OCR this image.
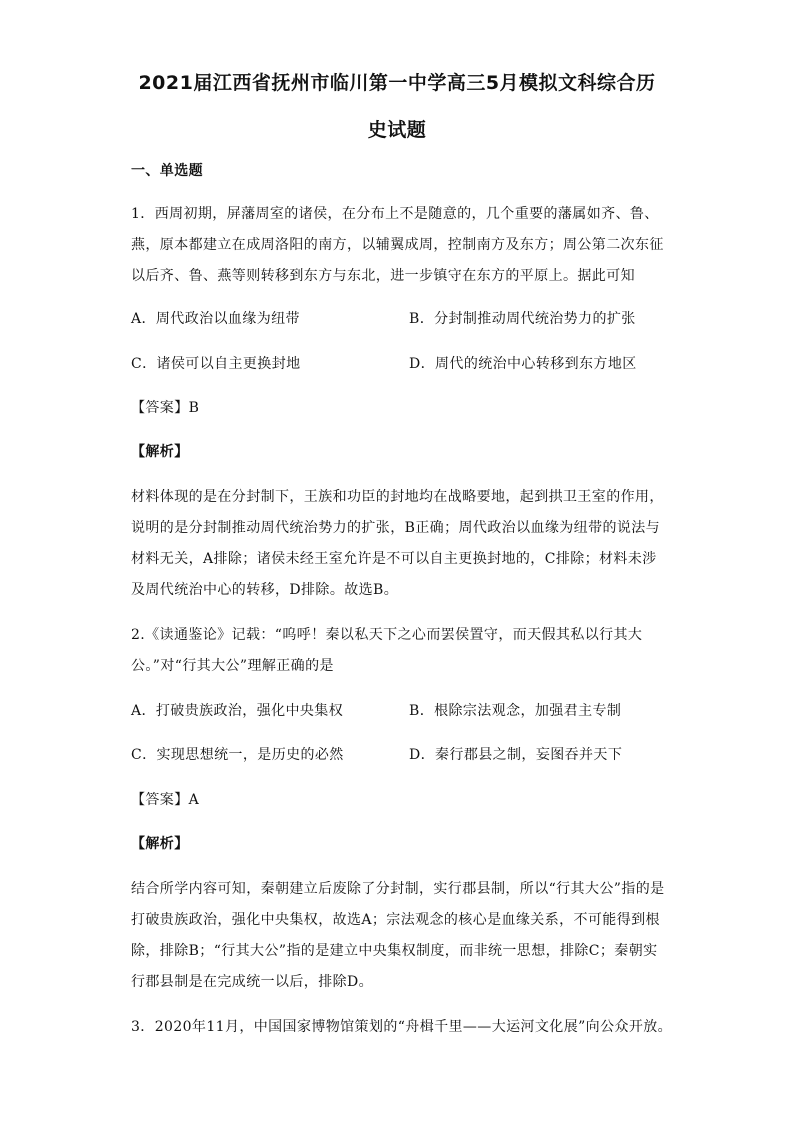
2021届江西省抚州市临川第一中学高三5月模拟文科综合历
史试题
一、单选题
1．西周初期，屏藩周室的诸侯，在分布上不是随意的，几个重要的藩属如齐、鲁、
燕，原本都建立在成周洛阳的南方，以辅翼成周，控制南方及东方；周公第二次东征
以后齐、鲁、燕等则转移到东方与东北，进一步镇守在东方的平原上。据此可知
A．周代政治以血缘为纽带	B．分封制推动周代统治势力的扩张
C．诸侯可以自主更换封地	D．周代的统治中心转移到东方地区
【答案】B
【解析】
材料体现的是在分封制下，王族和功臣的封地均在战略要地，起到拱卫王室的作用，
说明的是分封制推动周代统治势力的扩张，B正确；周代政治以血缘为纽带的说法与
材料无关，A排除；诸侯未经王室允许是不可以自主更换封地的，C排除；材料未涉
及周代统治中心的转移，D排除。故选B。
2.《读通鉴论》记载：“呜呼！秦以私天下之心而罢侯置守，而天假其私以行其大
公。”对“行其大公”理解正确的是
A．打破贵族政治，强化中央集权	B．根除宗法观念，加强君主专制
C．实现思想统一，是历史的必然	D．秦行郡县之制，妄图吞并天下
【答案】A
【解析】
结合所学内容可知，秦朝建立后废除了分封制，实行郡县制，所以“行其大公”指的是
打破贵族政治，强化中央集权，故选A；宗法观念的核心是血缘关系，不可能得到根
除，排除B；“行其大公”指的是建立中央集权制度，而非统一思想，排除C；秦朝实
行郡县制是在完成统一以后，排除D。
3．2020年11月，中国国家博物馆策划的“舟楫千里——大运河文化展”向公众开放。
